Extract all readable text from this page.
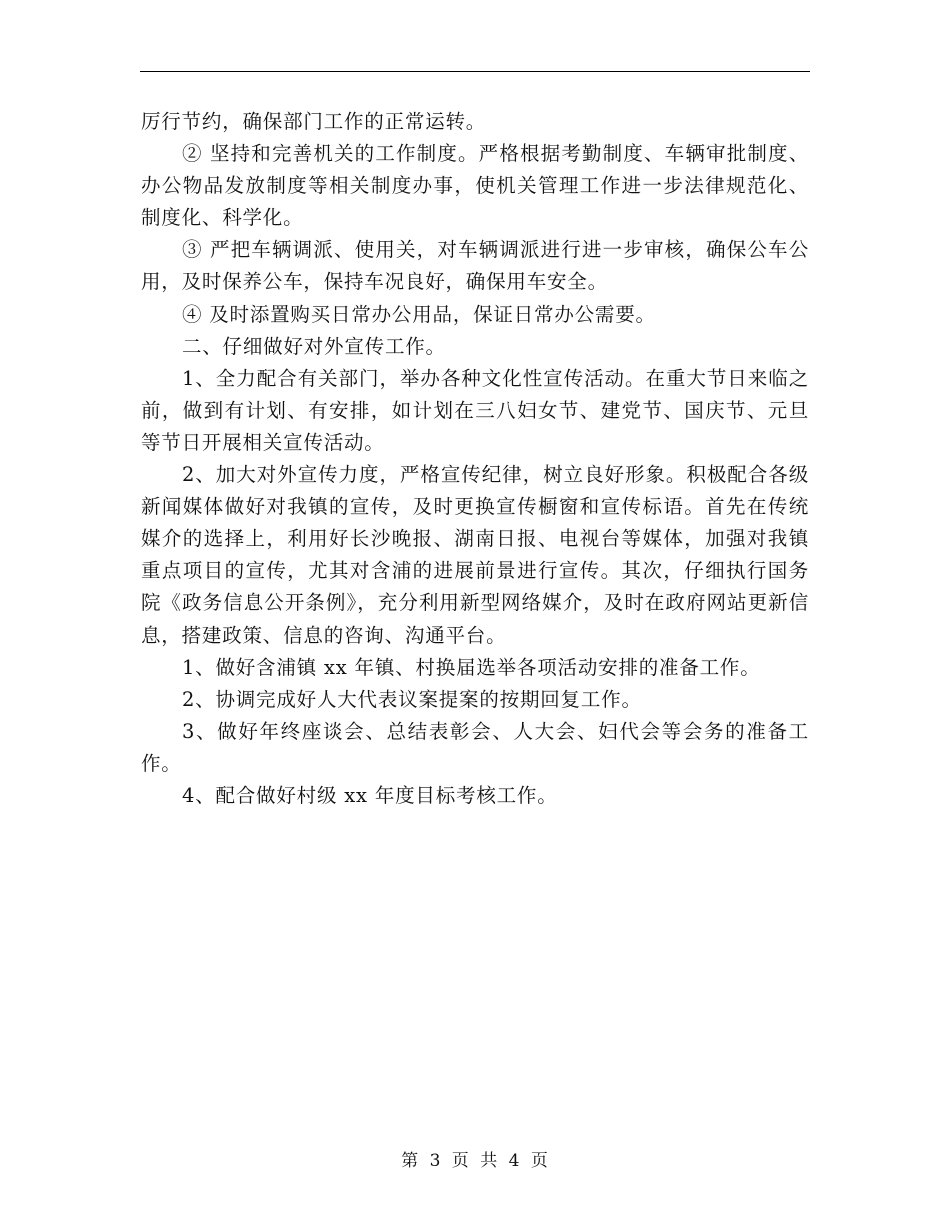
厉行节约，确保部门工作的正常运转。

② 坚持和完善机关的工作制度。严格根据考勤制度、车辆审批制度、办公物品发放制度等相关制度办事，使机关管理工作进一步法律规范化、制度化、科学化。

③ 严把车辆调派、使用关，对车辆调派进行进一步审核，确保公车公用，及时保养公车，保持车况良好，确保用车安全。

④ 及时添置购买日常办公用品，保证日常办公需要。

二、仔细做好对外宣传工作。

1、全力配合有关部门，举办各种文化性宣传活动。在重大节日来临之前，做到有计划、有安排，如计划在三八妇女节、建党节、国庆节、元旦等节日开展相关宣传活动。

2、加大对外宣传力度，严格宣传纪律，树立良好形象。积极配合各级新闻媒体做好对我镇的宣传，及时更换宣传橱窗和宣传标语。首先在传统媒介的选择上，利用好长沙晚报、湖南日报、电视台等媒体，加强对我镇重点项目的宣传，尤其对含浦的进展前景进行宣传。其次，仔细执行国务院《政务信息公开条例》，充分利用新型网络媒介，及时在政府网站更新信息，搭建政策、信息的咨询、沟通平台。

1、做好含浦镇 xx 年镇、村换届选举各项活动安排的准备工作。

2、协调完成好人大代表议案提案的按期回复工作。

3、做好年终座谈会、总结表彰会、人大会、妇代会等会务的准备工作。

4、配合做好村级 xx 年度目标考核工作。

第 3 页 共 4 页
